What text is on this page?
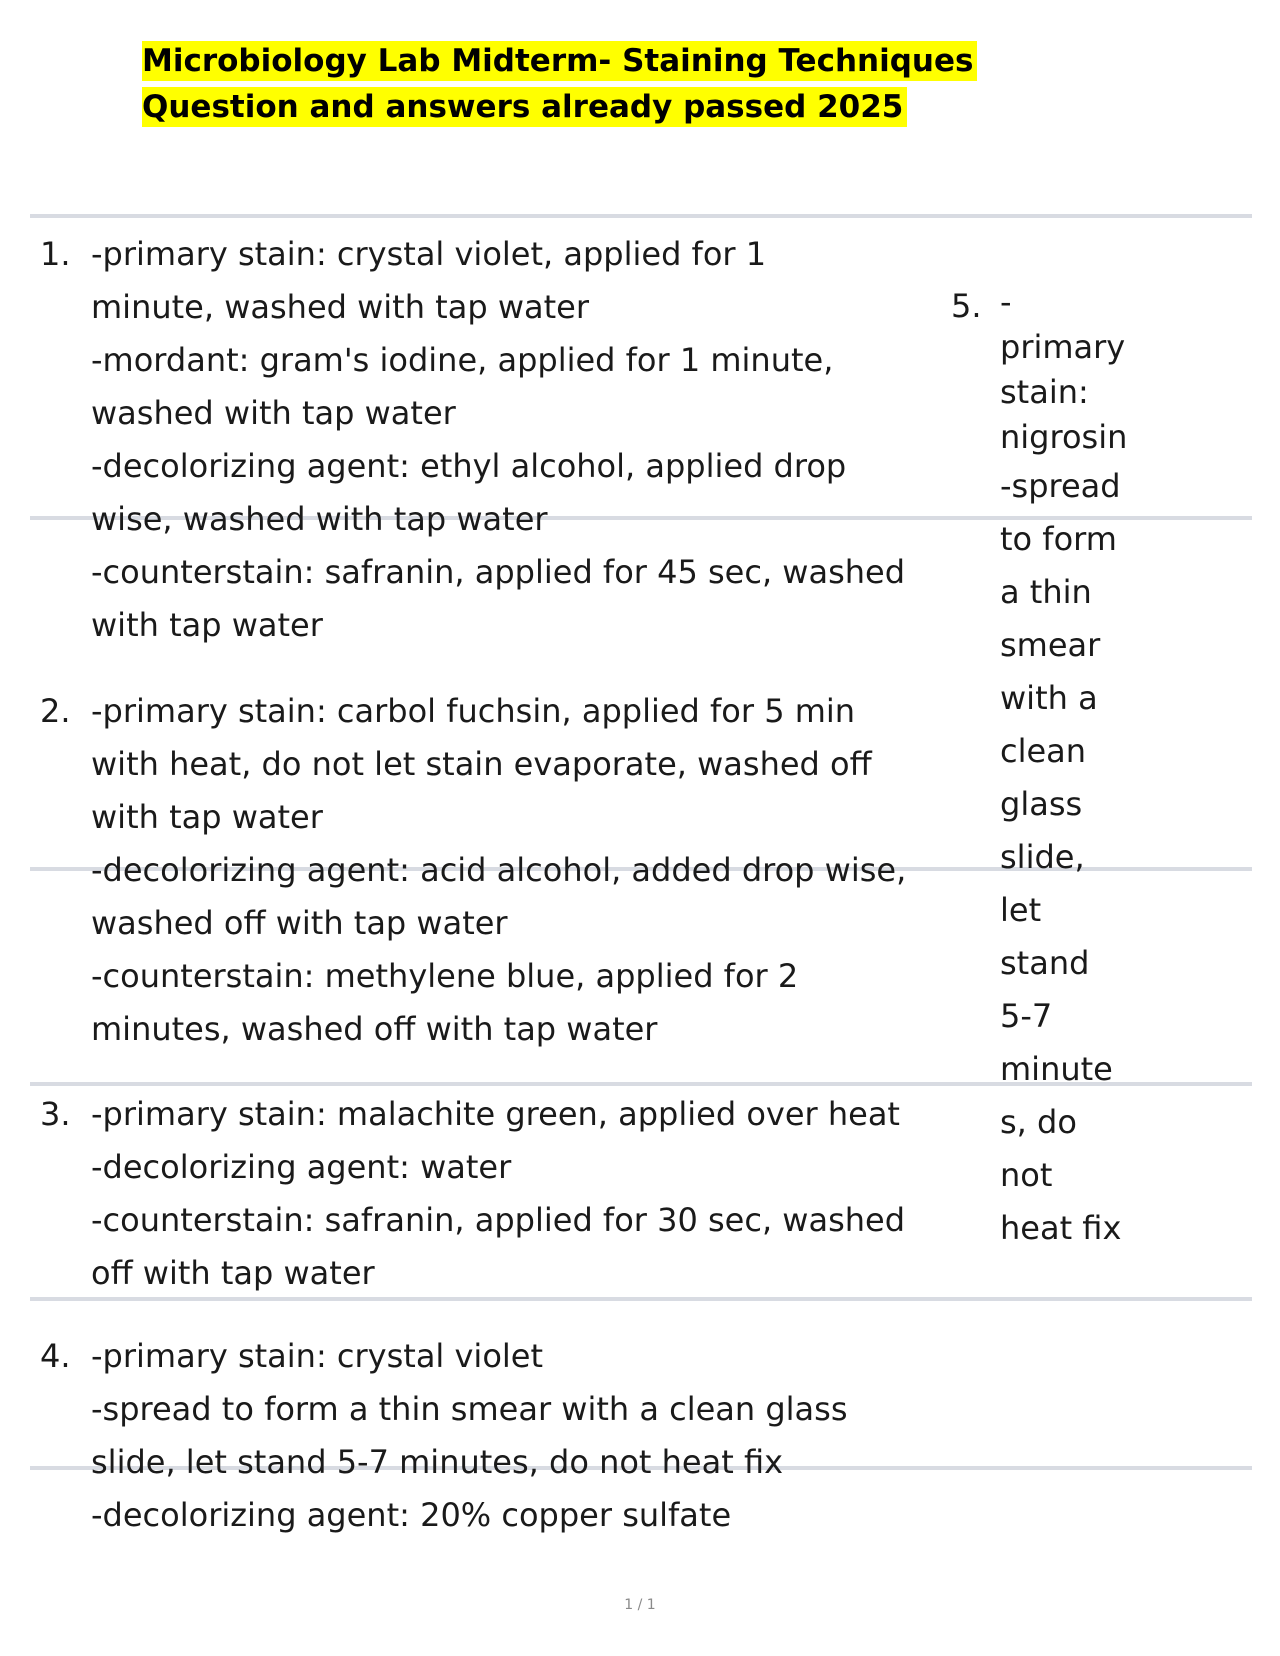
Microbiology Lab Midterm- Staining Techniques
Question and answers already passed 2025
1. -primary stain: crystal violet, applied for 1
minute, washed with tap water
-mordant: gram's iodine, applied for 1 minute,
washed with tap water
-decolorizing agent: ethyl alcohol, applied drop
wise, washed with tap water
-counterstain: safranin, applied for 45 sec, washed
with tap water
2. -primary stain: carbol fuchsin, applied for 5 min
with heat, do not let stain evaporate, washed off
with tap water
-decolorizing agent: acid alcohol, added drop wise,
washed off with tap water
-counterstain: methylene blue, applied for 2
minutes, washed off with tap water
3. -primary stain: malachite green, applied over heat
-decolorizing agent: water
-counterstain: safranin, applied for 30 sec, washed
off with tap water
4. -primary stain: crystal violet
-spread to form a thin smear with a clean glass
slide, let stand 5-7 minutes, do not heat fix
-decolorizing agent: 20% copper sulfate
5. -
primary
stain:
nigrosin
-spread
to form
a thin
smear
with a
clean
glass
slide,
let
stand
5-7
minute
s, do
not
heat fix
1 / 1
